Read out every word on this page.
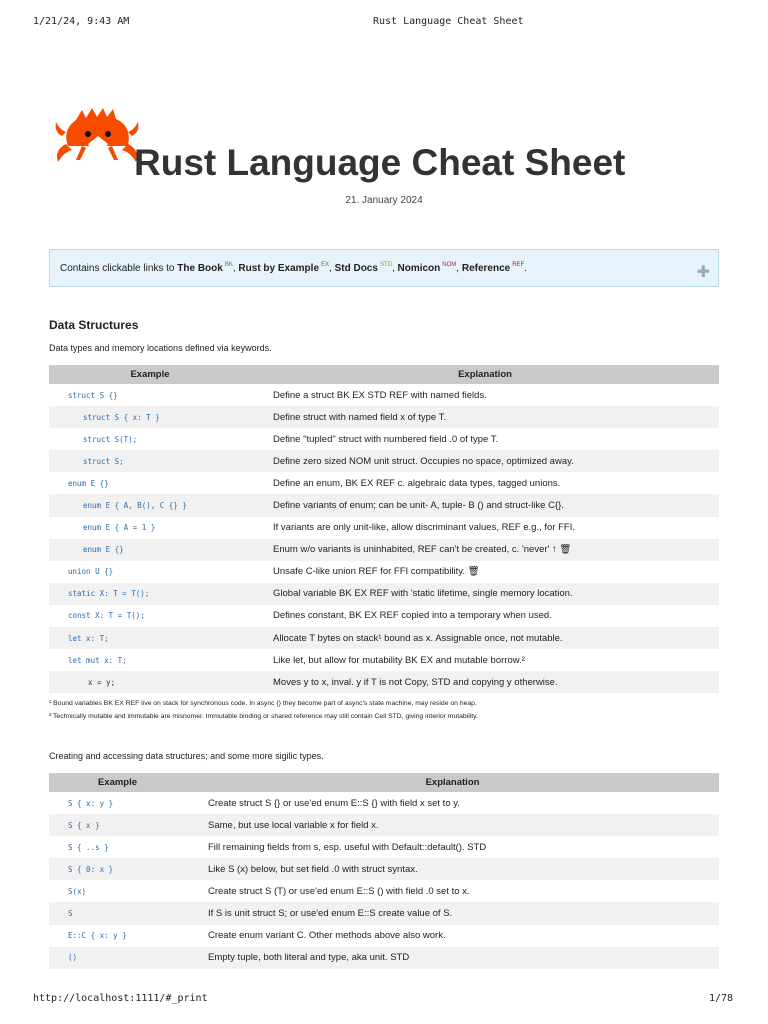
1/21/24, 9:43 AM	Rust Language Cheat Sheet
http://localhost:1111/#_print	1/78
Rust Language Cheat Sheet
21. January 2024
Contains clickable links to The Book $^{BK}$, Rust by Example $^{EX}$, Std Docs $^{STD}$, Nomicon $^{NOM}$, Reference $^{REF}$.	✚
Data Structures
Data types and memory locations defined via keywords.
Example	Explanation
struct S {}	Define a struct BK EX STD REF with named fields.
struct S { x: T }	Define struct with named field x of type T.
struct S(T);	Define "tupled" struct with numbered field .0 of type T.
struct S;	Define zero sized NOM unit struct. Occupies no space, optimized away.
enum E {}	Define an enum, BK EX REF c. algebraic data types, tagged unions.
enum E { A, B(), C {} }	Define variants of enum; can be unit- A, tuple- B () and struct-like C{}.
enum E { A = 1 }	If variants are only unit-like, allow discriminant values, REF e.g., for FFI.
enum E {}	Enum w/o variants is uninhabited, REF can't be created, c. 'never' ↑ 🗑
union U {}	Unsafe C-like union REF for FFI compatibility. 🗑
static X: T = T();	Global variable BK EX REF with 'static lifetime, single memory location.
const X: T = T();	Defines constant, BK EX REF copied into a temporary when used.
let x: T;	Allocate T bytes on stack¹ bound as x. Assignable once, not mutable.
let mut x: T;	Like let, but allow for mutability BK EX and mutable borrow.²
x = y;	Moves y to x, inval. y if T is not Copy, STD and copying y otherwise.
¹ Bound variables BK EX REF live on stack for synchronous code. In async {} they become part of async's state machine, may reside on heap.
² Technically mutable and immutable are misnomer. Immutable binding or shared reference may still contain Cell STD, giving interior mutability.
Creating and accessing data structures; and some more sigilic types.
Example	Explanation
S { x: y }	Create struct S {} or use'ed enum E::S {} with field x set to y.
S { x }	Same, but use local variable x for field x.
S { ..s }	Fill remaining fields from s, esp. useful with Default::default(). STD
S { 0: x }	Like S (x) below, but set field .0 with struct syntax.
S(x)	Create struct S (T) or use'ed enum E::S () with field .0 set to x.
S	If S is unit struct S; or use'ed enum E::S create value of S.
E::C { x: y }	Create enum variant C. Other methods above also work.
()	Empty tuple, both literal and type, aka unit. STD
